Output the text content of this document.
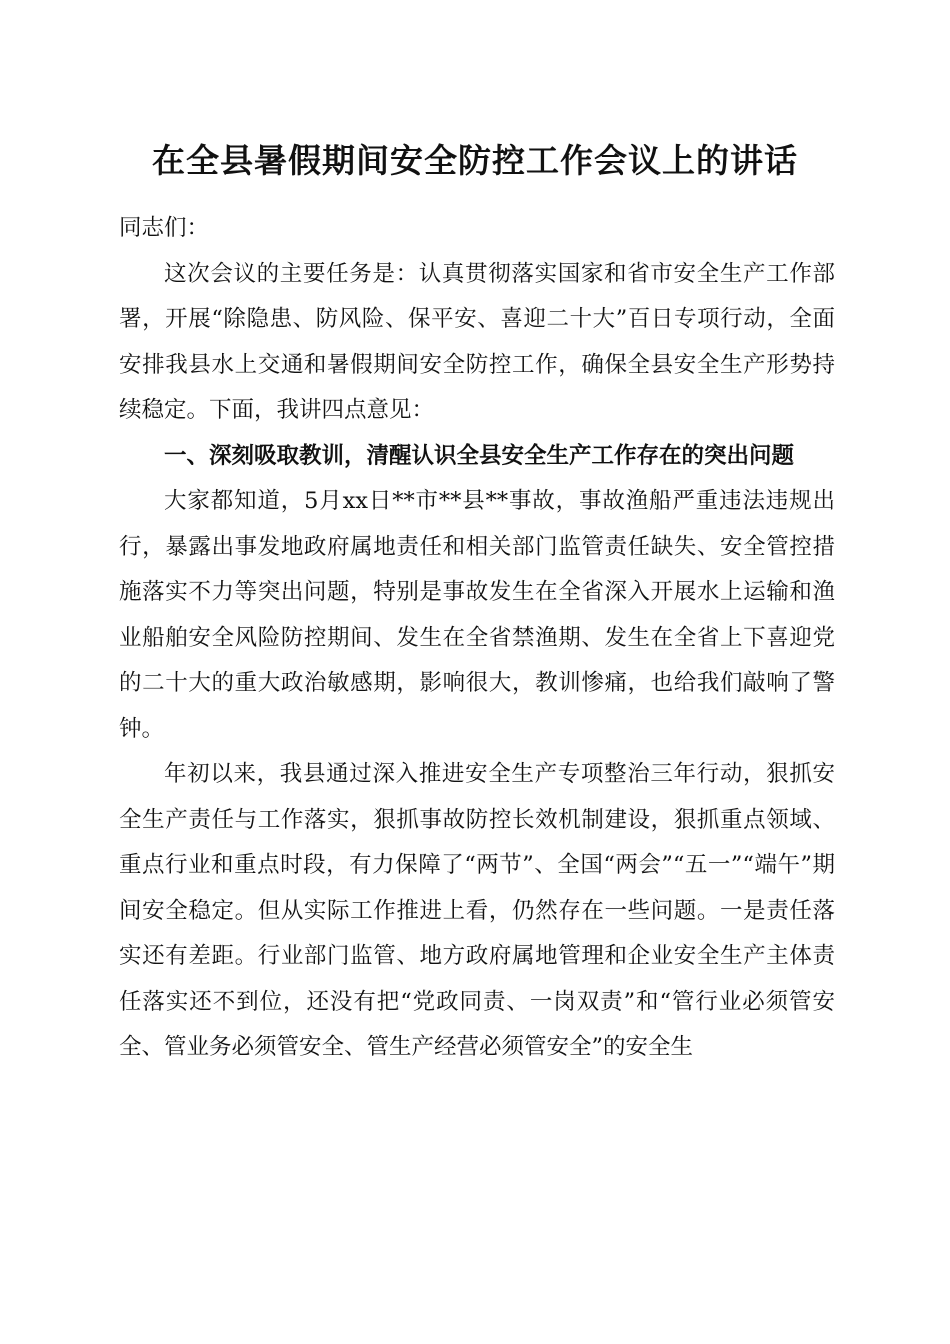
在全县暑假期间安全防控工作会议上的讲话

同志们：

这次会议的主要任务是：认真贯彻落实国家和省市安全生产工作部署，开展“除隐患、防风险、保平安、喜迎二十大”百日专项行动，全面安排我县水上交通和暑假期间安全防控工作，确保全县安全生产形势持续稳定。下面，我讲四点意见：

一、深刻吸取教训，清醒认识全县安全生产工作存在的突出问题

大家都知道，5月xx日**市**县**事故，事故渔船严重违法违规出行，暴露出事发地政府属地责任和相关部门监管责任缺失、安全管控措施落实不力等突出问题，特别是事故发生在全省深入开展水上运输和渔业船舶安全风险防控期间、发生在全省禁渔期、发生在全省上下喜迎党的二十大的重大政治敏感期，影响很大，教训惨痛，也给我们敲响了警钟。

年初以来，我县通过深入推进安全生产专项整治三年行动，狠抓安全生产责任与工作落实，狠抓事故防控长效机制建设，狠抓重点领域、重点行业和重点时段，有力保障了“两节”、全国“两会”“五一”“端午”期间安全稳定。但从实际工作推进上看，仍然存在一些问题。一是责任落实还有差距。行业部门监管、地方政府属地管理和企业安全生产主体责任落实还不到位，还没有把“党政同责、一岗双责”和“管行业必须管安全、管业务必须管安全、管生产经营必须管安全”的安全生
